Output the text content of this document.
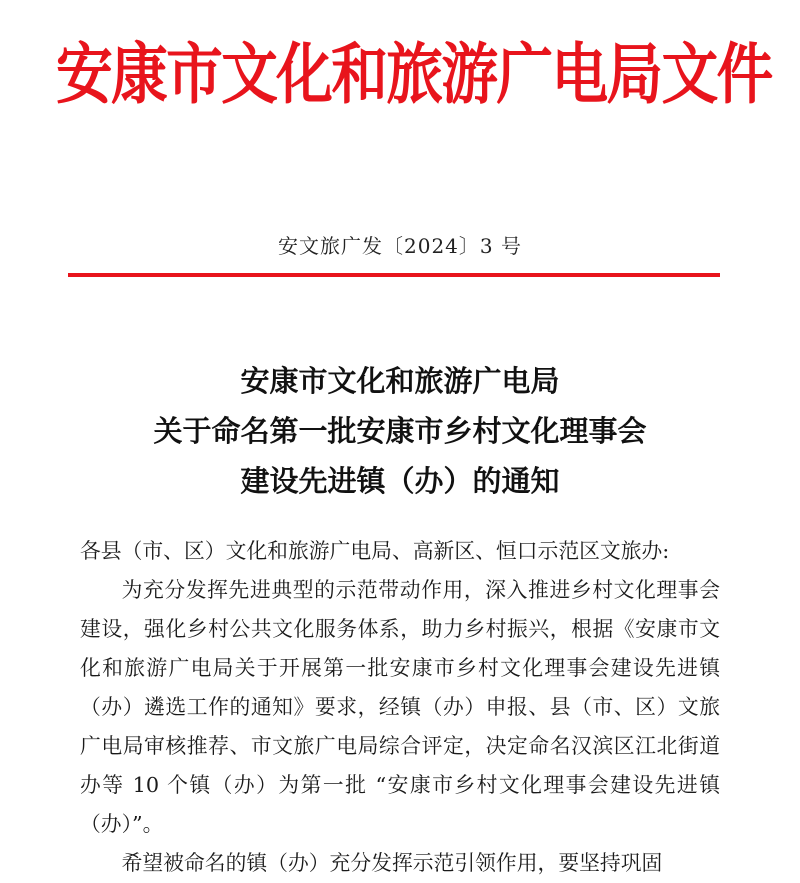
安康市文化和旅游广电局文件
安文旅广发〔2024〕3 号
安康市文化和旅游广电局
关于命名第一批安康市乡村文化理事会
建设先进镇（办）的通知
各县（市、区）文化和旅游广电局、高新区、恒口示范区文旅办:
为充分发挥先进典型的示范带动作用，深入推进乡村文化理事会建设，强化乡村公共文化服务体系，助力乡村振兴，根据《安康市文化和旅游广电局关于开展第一批安康市乡村文化理事会建设先进镇（办）遴选工作的通知》要求，经镇（办）申报、县（市、区）文旅广电局审核推荐、市文旅广电局综合评定，决定命名汉滨区江北街道办等 10 个镇（办）为第一批 “安康市乡村文化理事会建设先进镇（办）”。
希望被命名的镇（办）充分发挥示范引领作用，要坚持巩固
